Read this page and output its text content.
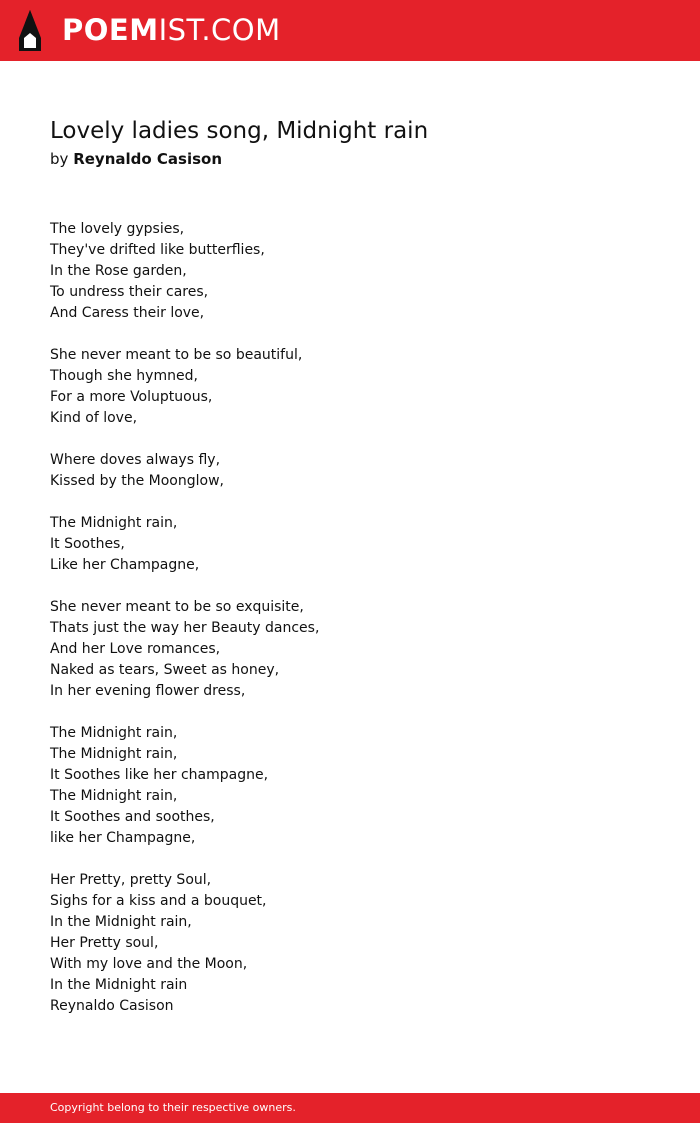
POEMIST.COM
Lovely ladies song, Midnight rain
by Reynaldo Casison
The lovely gypsies,
They've drifted like butterflies,
In the Rose garden,
To undress their cares,
And Caress their love,
She never meant to be so beautiful,
Though she hymned,
For a more Voluptuous,
Kind of love,
Where doves always fly,
Kissed by the Moonglow,
The Midnight rain,
It Soothes,
Like her Champagne,
She never meant to be so exquisite,
Thats just the way her Beauty dances,
And her Love romances,
Naked as tears, Sweet as honey,
In her evening flower dress,
The Midnight rain,
The Midnight rain,
It Soothes like her champagne,
The Midnight rain,
It Soothes and soothes,
like her Champagne,
Her Pretty, pretty Soul,
Sighs for a kiss and a bouquet,
In the Midnight rain,
Her Pretty soul,
With my love and the Moon,
In the Midnight rain
Reynaldo Casison
Copyright belong to their respective owners.
